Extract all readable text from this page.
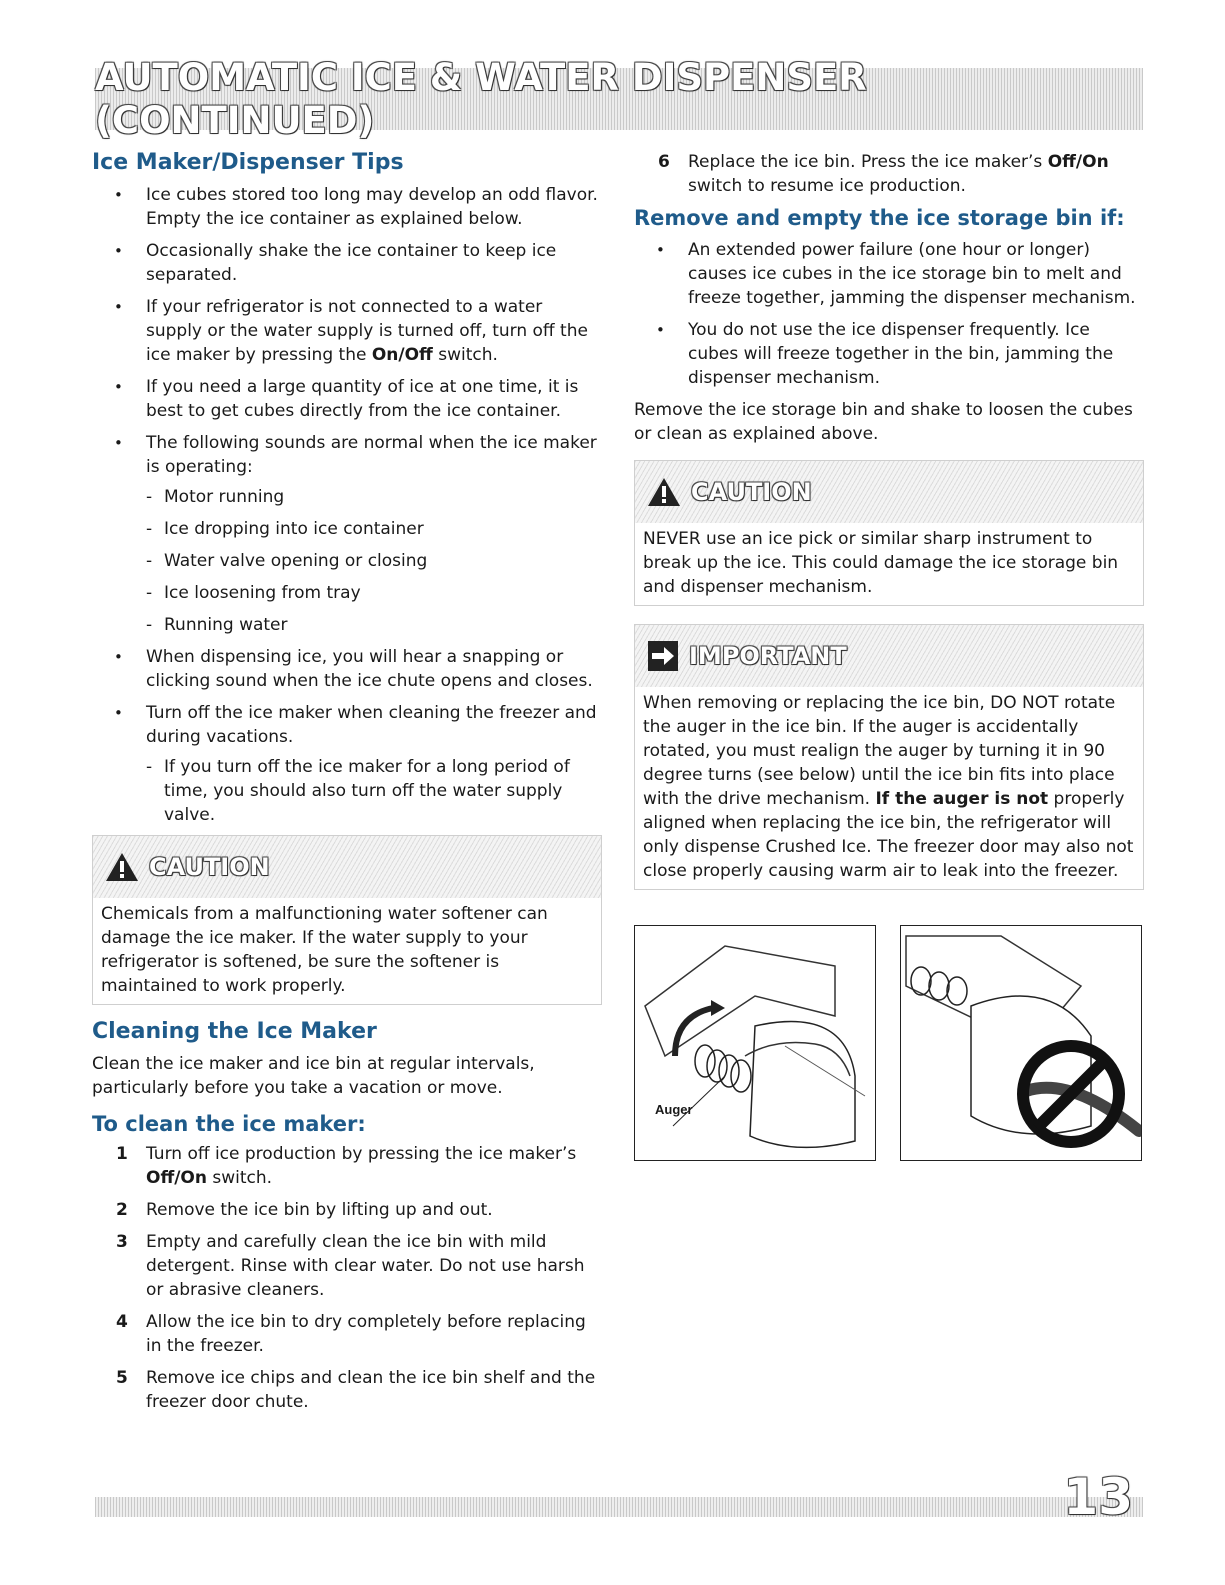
AUTOMATIC ICE & WATER DISPENSER (CONTINUED)
Ice Maker/Dispenser Tips
• Ice cubes stored too long may develop an odd flavor. Empty the ice container as explained below.
• Occasionally shake the ice container to keep ice separated.
• If your refrigerator is not connected to a water supply or the water supply is turned off, turn off the ice maker by pressing the On/Off switch.
• If you need a large quantity of ice at one time, it is best to get cubes directly from the ice container.
• The following sounds are normal when the ice maker is operating:
- Motor running
- Ice dropping into ice container
- Water valve opening or closing
- Ice loosening from tray
- Running water
• When dispensing ice, you will hear a snapping or clicking sound when the ice chute opens and closes.
• Turn off the ice maker when cleaning the freezer and during vacations.
- If you turn off the ice maker for a long period of time, you should also turn off the water supply valve.
CAUTION
Chemicals from a malfunctioning water softener can damage the ice maker. If the water supply to your refrigerator is softened, be sure the softener is maintained to work properly.
Cleaning the Ice Maker

Clean the ice maker and ice bin at regular intervals, particularly before you take a vacation or move.

To clean the ice maker:
1 Turn off ice production by pressing the ice maker’s Off/On switch.
2 Remove the ice bin by lifting up and out.
3 Empty and carefully clean the ice bin with mild detergent. Rinse with clear water. Do not use harsh or abrasive cleaners.
4 Allow the ice bin to dry completely before replacing in the freezer.
5 Remove ice chips and clean the ice bin shelf and the freezer door chute.
6 Replace the ice bin. Press the ice maker’s Off/On switch to resume ice production.
Remove and empty the ice storage bin if:
• An extended power failure (one hour or longer) causes ice cubes in the ice storage bin to melt and freeze together, jamming the dispenser mechanism.
• You do not use the ice dispenser frequently. Ice cubes will freeze together in the bin, jamming the dispenser mechanism.

Remove the ice storage bin and shake to loosen the cubes or clean as explained above.

CAUTION
NEVER use an ice pick or similar sharp instrument to break up the ice. This could damage the ice storage bin and dispenser mechanism.
IMPORTANT
When removing or replacing the ice bin, DO NOT rotate the auger in the ice bin. If the auger is accidentally rotated, you must realign the auger by turning it in 90 degree turns (see below) until the ice bin fits into place with the drive mechanism. If the auger is not properly aligned when replacing the ice bin, the refrigerator will only dispense Crushed Ice. The freezer door may also not close properly causing warm air to leak into the freezer.
Auger
13
